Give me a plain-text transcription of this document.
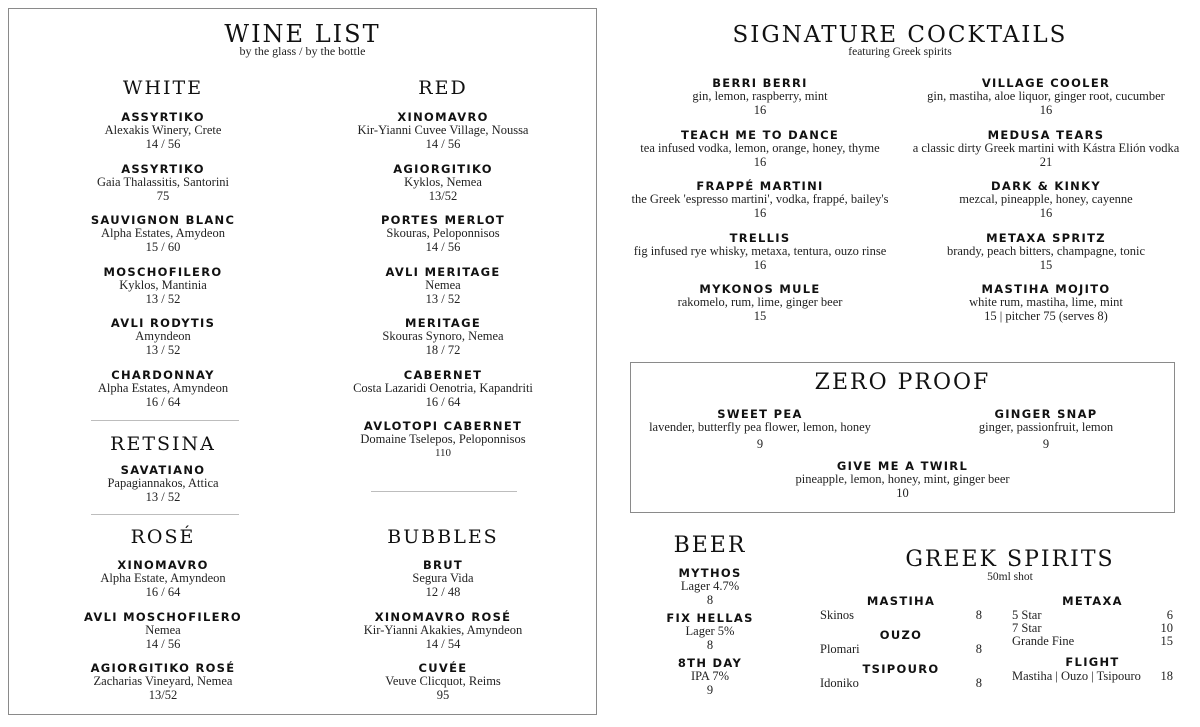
WINE LIST
by the glass / by the bottle
WHITE
ASSYRTIKO
Alexakis Winery, Crete
14 / 56
ASSYRTIKO
Gaia Thalassitis, Santorini
75
SAUVIGNON BLANC
Alpha Estates, Amydeon
15 / 60
MOSCHOFILERO
Kyklos, Mantinia
13 / 52
AVLI RODYTIS
Amyndeon
13 / 52
CHARDONNAY
Alpha Estates, Amyndeon
16 / 64
RETSINA
SAVATIANO
Papagiannakos, Attica
13 / 52
ROSÉ
XINOMAVRO
Alpha Estate, Amyndeon
16 / 64
AVLI MOSCHOFILERO
Nemea
14 / 56
AGIORGITIKO ROSÉ
Zacharias Vineyard, Nemea
13/52
RED
XINOMAVRO
Kir-Yianni Cuvee Village, Noussa
14 / 56
AGIORGITIKO
Kyklos, Nemea
13/52
PORTES MERLOT
Skouras, Peloponnisos
14 / 56
AVLI MERITAGE
Nemea
13 / 52
MERITAGE
Skouras Synoro, Nemea
18 / 72
CABERNET
Costa Lazaridi Oenotria, Kapandriti
16 / 64
AVLOTOPI CABERNET
Domaine Tselepos, Peloponnisos
110
BUBBLES
BRUT
Segura Vida
12 / 48
XINOMAVRO ROSÉ
Kir-Yianni Akakies, Amyndeon
14 / 54
CUVÉE
Veuve Clicquot, Reims
95
SIGNATURE COCKTAILS
featuring Greek spirits
BERRI BERRI
gin, lemon, raspberry, mint
16
TEACH ME TO DANCE
tea infused vodka, lemon, orange, honey, thyme
16
FRAPPÉ MARTINI
the Greek 'espresso martini', vodka, frappé, bailey's
16
TRELLIS
fig infused rye whisky, metaxa, tentura, ouzo rinse
16
MYKONOS MULE
rakomelo, rum, lime, ginger beer
15
VILLAGE COOLER
gin, mastiha, aloe liquor, ginger root, cucumber
16
MEDUSA TEARS
a classic dirty Greek martini with Kástra Elión vodka
21
DARK & KINKY
mezcal, pineapple, honey, cayenne
16
METAXA SPRITZ
brandy, peach bitters, champagne, tonic
15
MASTIHA MOJITO
white rum, mastiha, lime, mint
15 | pitcher 75 (serves 8)
ZERO PROOF
SWEET PEA
lavender, butterfly pea flower, lemon, honey
9
GINGER SNAP
ginger, passionfruit, lemon
9
GIVE ME A TWIRL
pineapple, lemon, honey, mint, ginger beer
10
BEER
MYTHOS
Lager 4.7%
8
FIX HELLAS
Lager 5%
8
8TH DAY
IPA 7%
9
GREEK SPIRITS
50ml shot
MASTIHA
Skinos	8
OUZO
Plomari	8
TSIPOURO
Idoniko	8
METAXA
5 Star	6
7 Star	10
Grande Fine	15
FLIGHT
Mastiha | Ouzo | Tsipouro 18
